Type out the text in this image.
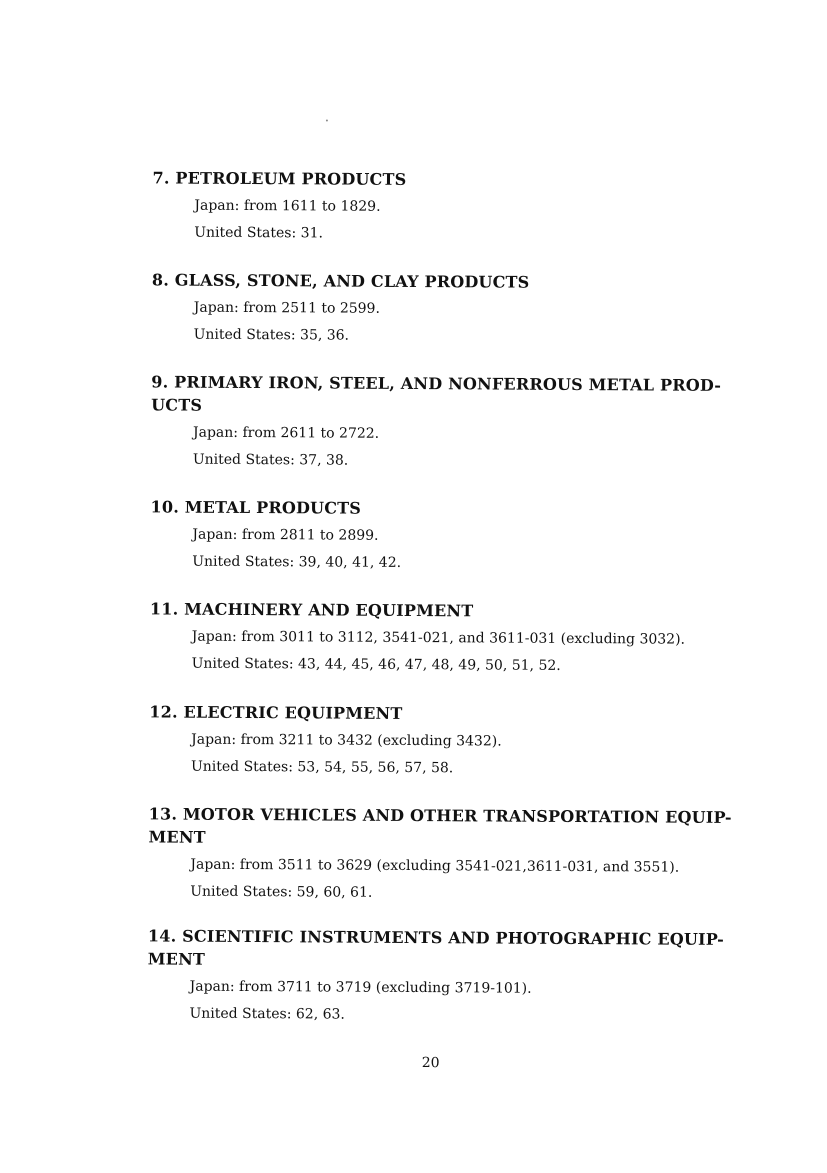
7. PETROLEUM PRODUCTS

Japan: from 1611 to 1829.
United States: 31.

8. GLASS, STONE, AND CLAY PRODUCTS

Japan: from 2511 to 2599.
United States: 35, 36.

9. PRIMARY IRON, STEEL, AND NONFERROUS METAL PROD-

UCTS

Japan: from 2611 to 2722.
United States: 37, 38.

10. METAL PRODUCTS

Japan: from 2811 to 2899.
United States: 39, 40, 41, 42.

11. MACHINERY AND EQUIPMENT

Japan: from 3011 to 3112, 3541-021, and 3611-031 (excluding 3032).
United States: 43, 44, 45, 46, 47, 48, 49, 50, 51, 52.

12. ELECTRIC EQUIPMENT

Japan: from 3211 to 3432 (excluding 3432).
United States: 53, 54, 55, 56, 57, 58.

13. MOTOR VEHICLES AND OTHER TRANSPORTATION EQUIP-

MENT

Japan: from 3511 to 3629 (excluding 3541-021,3611-031, and 3551).
United States: 59, 60, 61.

14. SCIENTIFIC INSTRUMENTS AND PHOTOGRAPHIC EQUIP-

MENT

Japan: from 3711 to 3719 (excluding 3719-101).
United States: 62, 63.
20
